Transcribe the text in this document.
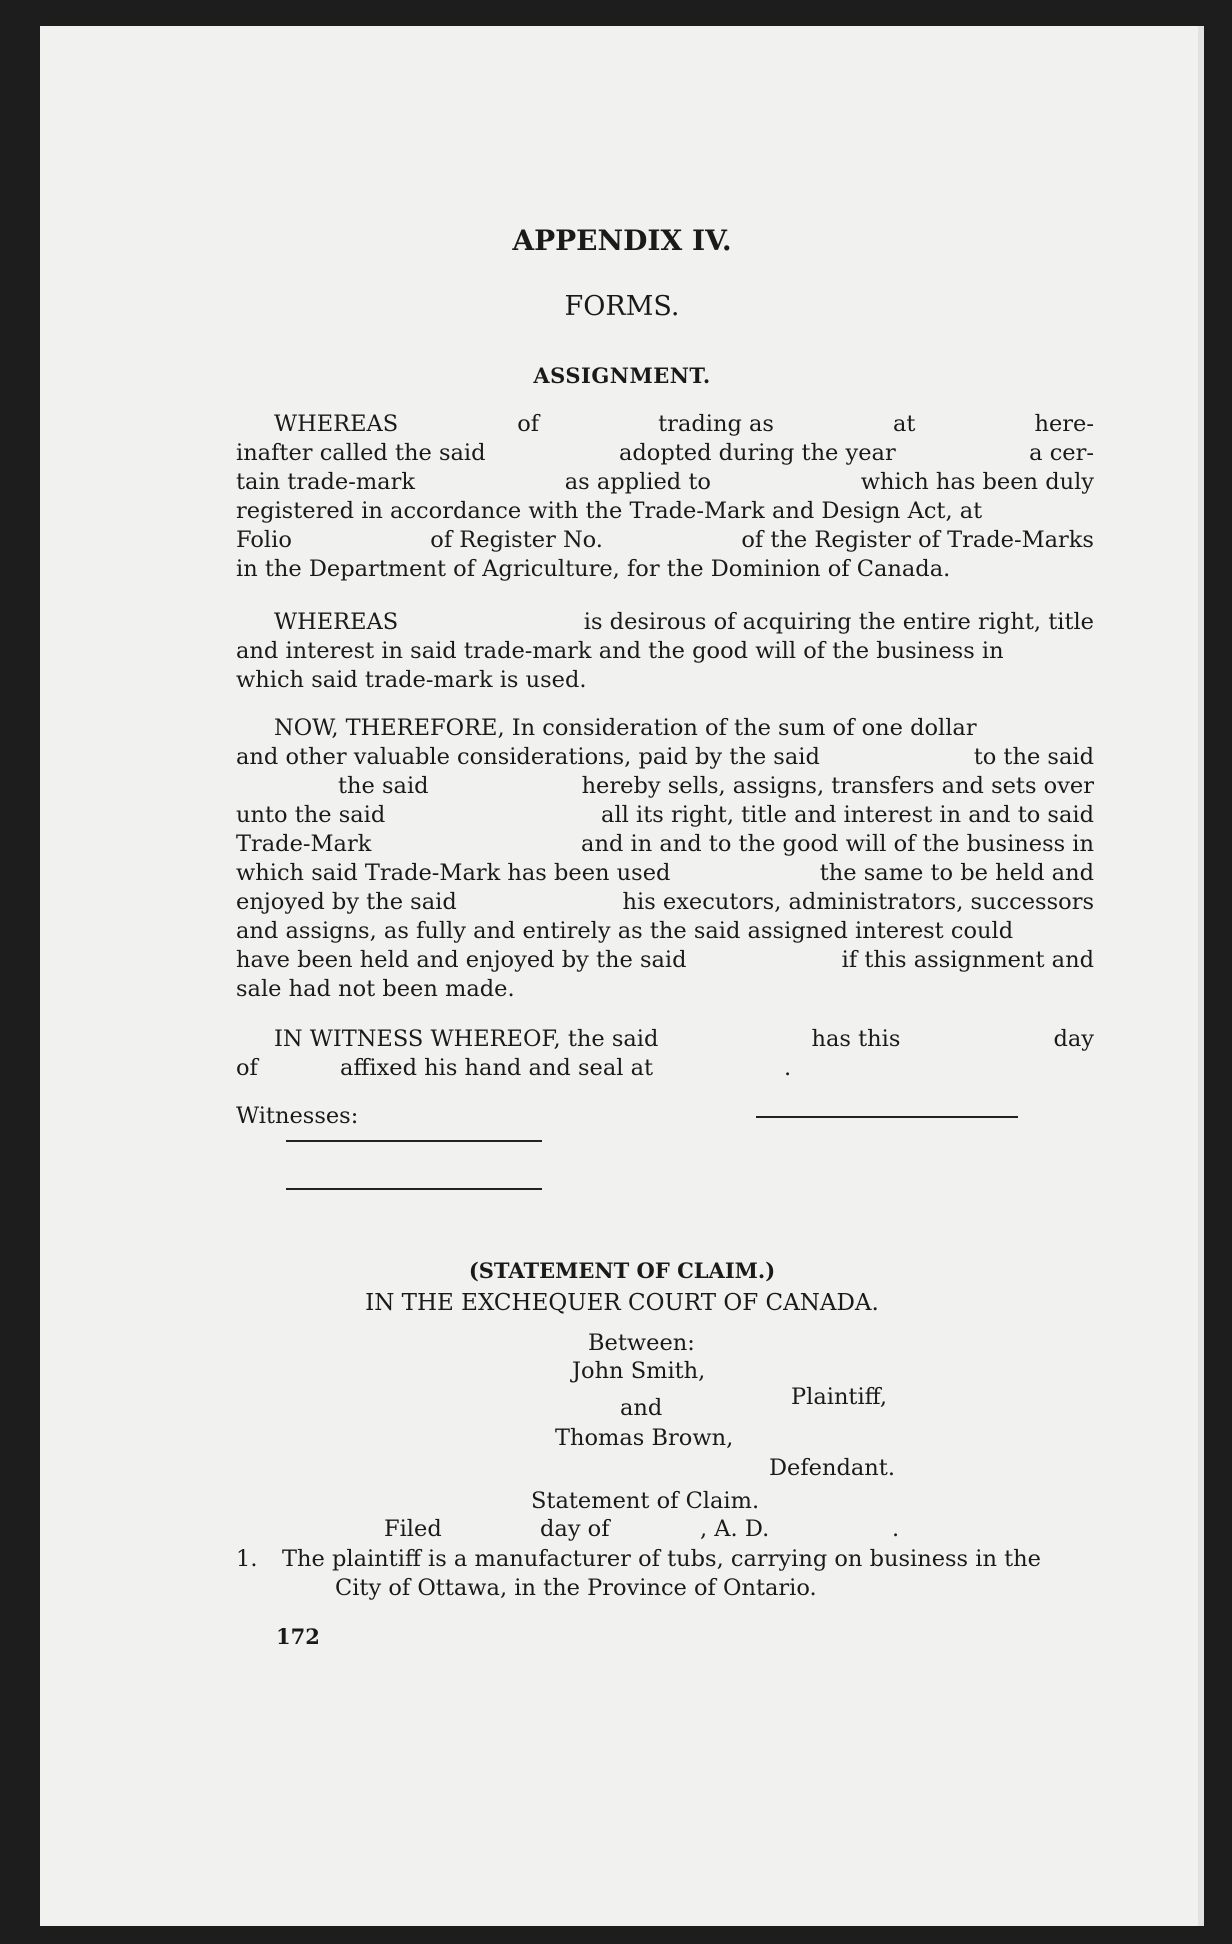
APPENDIX IV.
FORMS.
ASSIGNMENT.
WHEREAS	of	trading as	at	here-
inafter called the said	adopted during the year	a cer-
tain trade-mark	as applied to	which has been duly
registered in accordance with the Trade-Mark and Design Act, at
Folio	of Register No.	of the Register of Trade-Marks
in the Department of Agriculture, for the Dominion of Canada.
WHEREAS	is desirous of acquiring the entire right, title
and interest in said trade-mark and the good will of the business in
which said trade-mark is used.
NOW, THEREFORE, In consideration of the sum of one dollar
and other valuable considerations, paid by the said	to the said
the said	hereby sells, assigns, transfers and sets over
unto the said	all its right, title and interest in and to said
Trade-Mark	and in and to the good will of the business in
which said Trade-Mark has been used	the same to be held and
enjoyed by the said	his executors, administrators, successors
and assigns, as fully and entirely as the said assigned interest could
have been held and enjoyed by the said	if this assignment and
sale had not been made.
IN WITNESS WHEREOF, the said	has this	day
of	affixed his hand and seal at	.
Witnesses:
(STATEMENT OF CLAIM.)
IN THE EXCHEQUER COURT OF CANADA.
Between:
John Smith,
Plaintiff,
and
Thomas Brown,
Defendant.
Statement of Claim.
Filed	day of	, A. D.	.
1. The plaintiff is a manufacturer of tubs, carrying on business in the
City of Ottawa, in the Province of Ontario.
172
